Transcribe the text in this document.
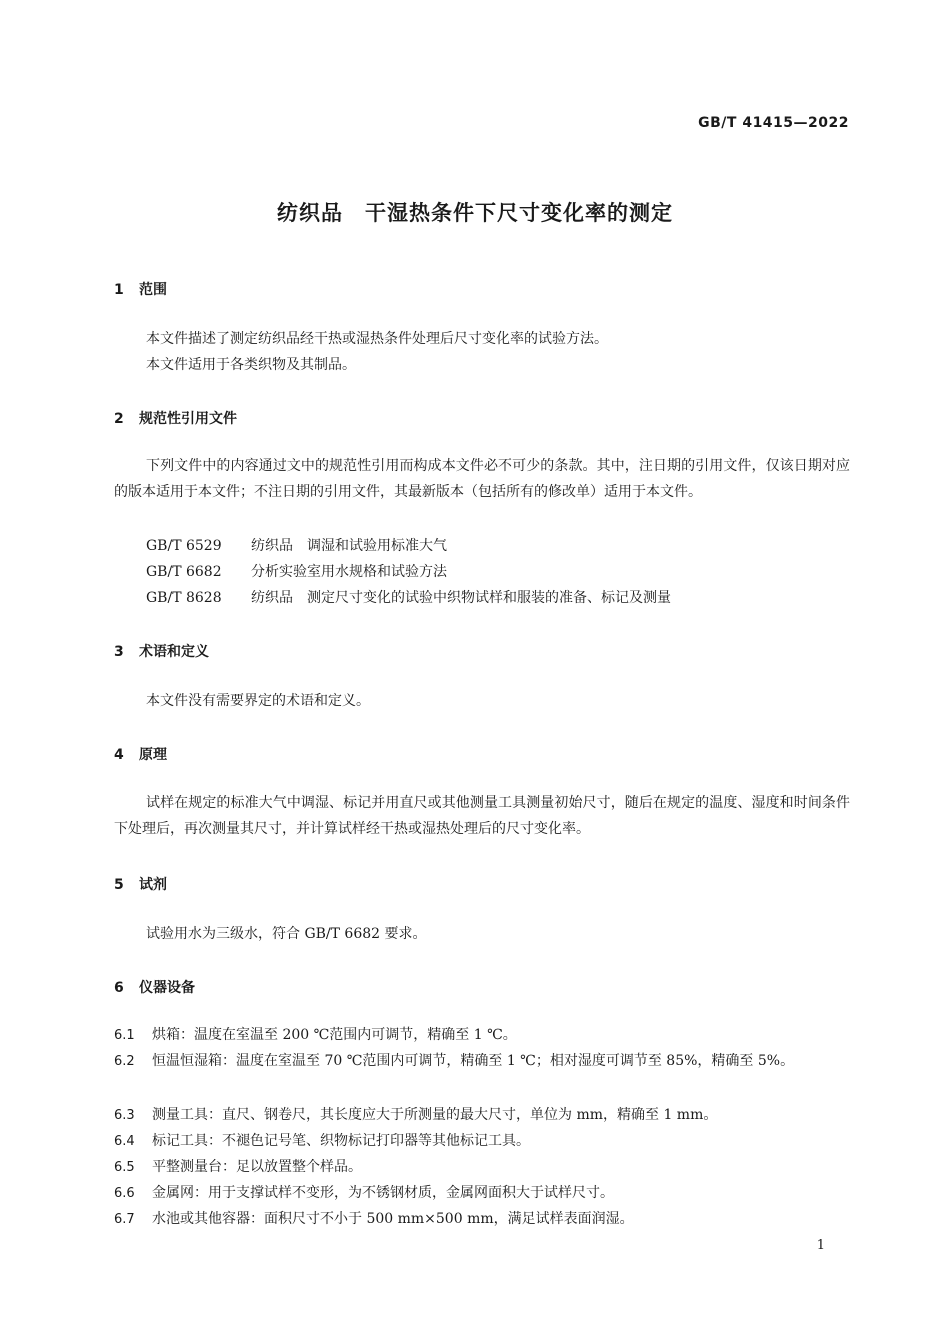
GB/T 41415—2022
纺织品　干湿热条件下尺寸变化率的测定
1 范围
本文件描述了测定纺织品经干热或湿热条件处理后尺寸变化率的试验方法。
本文件适用于各类织物及其制品。
2 规范性引用文件
下列文件中的内容通过文中的规范性引用而构成本文件必不可少的条款。其中，注日期的引用文件，仅该日期对应的版本适用于本文件；不注日期的引用文件，其最新版本（包括所有的修改单）适用于本文件。
GB/T 6529 纺织品　调湿和试验用标准大气
GB/T 6682 分析实验室用水规格和试验方法
GB/T 8628 纺织品　测定尺寸变化的试验中织物试样和服装的准备、标记及测量
3 术语和定义
本文件没有需要界定的术语和定义。
4 原理
试样在规定的标准大气中调湿、标记并用直尺或其他测量工具测量初始尺寸，随后在规定的温度、湿度和时间条件下处理后，再次测量其尺寸，并计算试样经干热或湿热处理后的尺寸变化率。
5 试剂
试验用水为三级水，符合 GB/T 6682 要求。
6 仪器设备
6.1 烘箱：温度在室温至 200 ℃范围内可调节，精确至 1 ℃。
6.2 恒温恒湿箱：温度在室温至 70 ℃范围内可调节，精确至 1 ℃；相对湿度可调节至 85%，精确至 5%。
6.3 测量工具：直尺、钢卷尺，其长度应大于所测量的最大尺寸，单位为 mm，精确至 1 mm。
6.4 标记工具：不褪色记号笔、织物标记打印器等其他标记工具。
6.5 平整测量台：足以放置整个样品。
6.6 金属网：用于支撑试样不变形，为不锈钢材质，金属网面积大于试样尺寸。
6.7 水池或其他容器：面积尺寸不小于 500 mm×500 mm，满足试样表面润湿。
1
